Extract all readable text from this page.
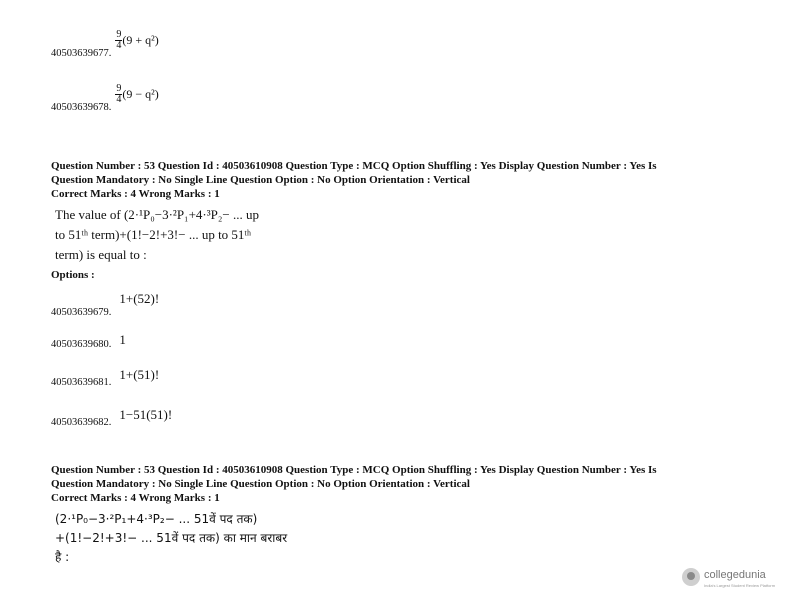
$_{40503639677.}$
$\frac{9}{4} (9 + q^2)$
$_{40503639678.}$
$\frac{9}{4} (9 - q^2)$
Question Number : 53 Question Id : 40503610908 Question Type : MCQ Option Shuffling : Yes Display Question Number : Yes Is
Question Mandatory : No Single Line Question Option : No Option Orientation : Vertical
Correct Marks : 4 Wrong Marks : 1
The value of (2·¹P₀−3·²P₁+4·³P₂− ... up
to 51ᵗʰ term)+(1!−2!+3!− ... up to 51ᵗʰ
term) is equal to :
Options :
$_{40503639679.}$ 1+(52)!
40503639680. 1
$_{40503639681.}$ 1+(51)!
$_{40503639682.}$ 1−51(51)!
Question Number : 53 Question Id : 40503610908 Question Type : MCQ Option Shuffling : Yes Display Question Number : Yes Is
Question Mandatory : No Single Line Question Option : No Option Orientation : Vertical
Correct Marks : 4 Wrong Marks : 1
(2·¹P₀−3·²P₁+4·³P₂− ... 51वें पद तक)
+(1!−2!+3!− ... 51वें पद तक) का मान बराबर
है :
collegedunia
India's Largest Student Review Platform
